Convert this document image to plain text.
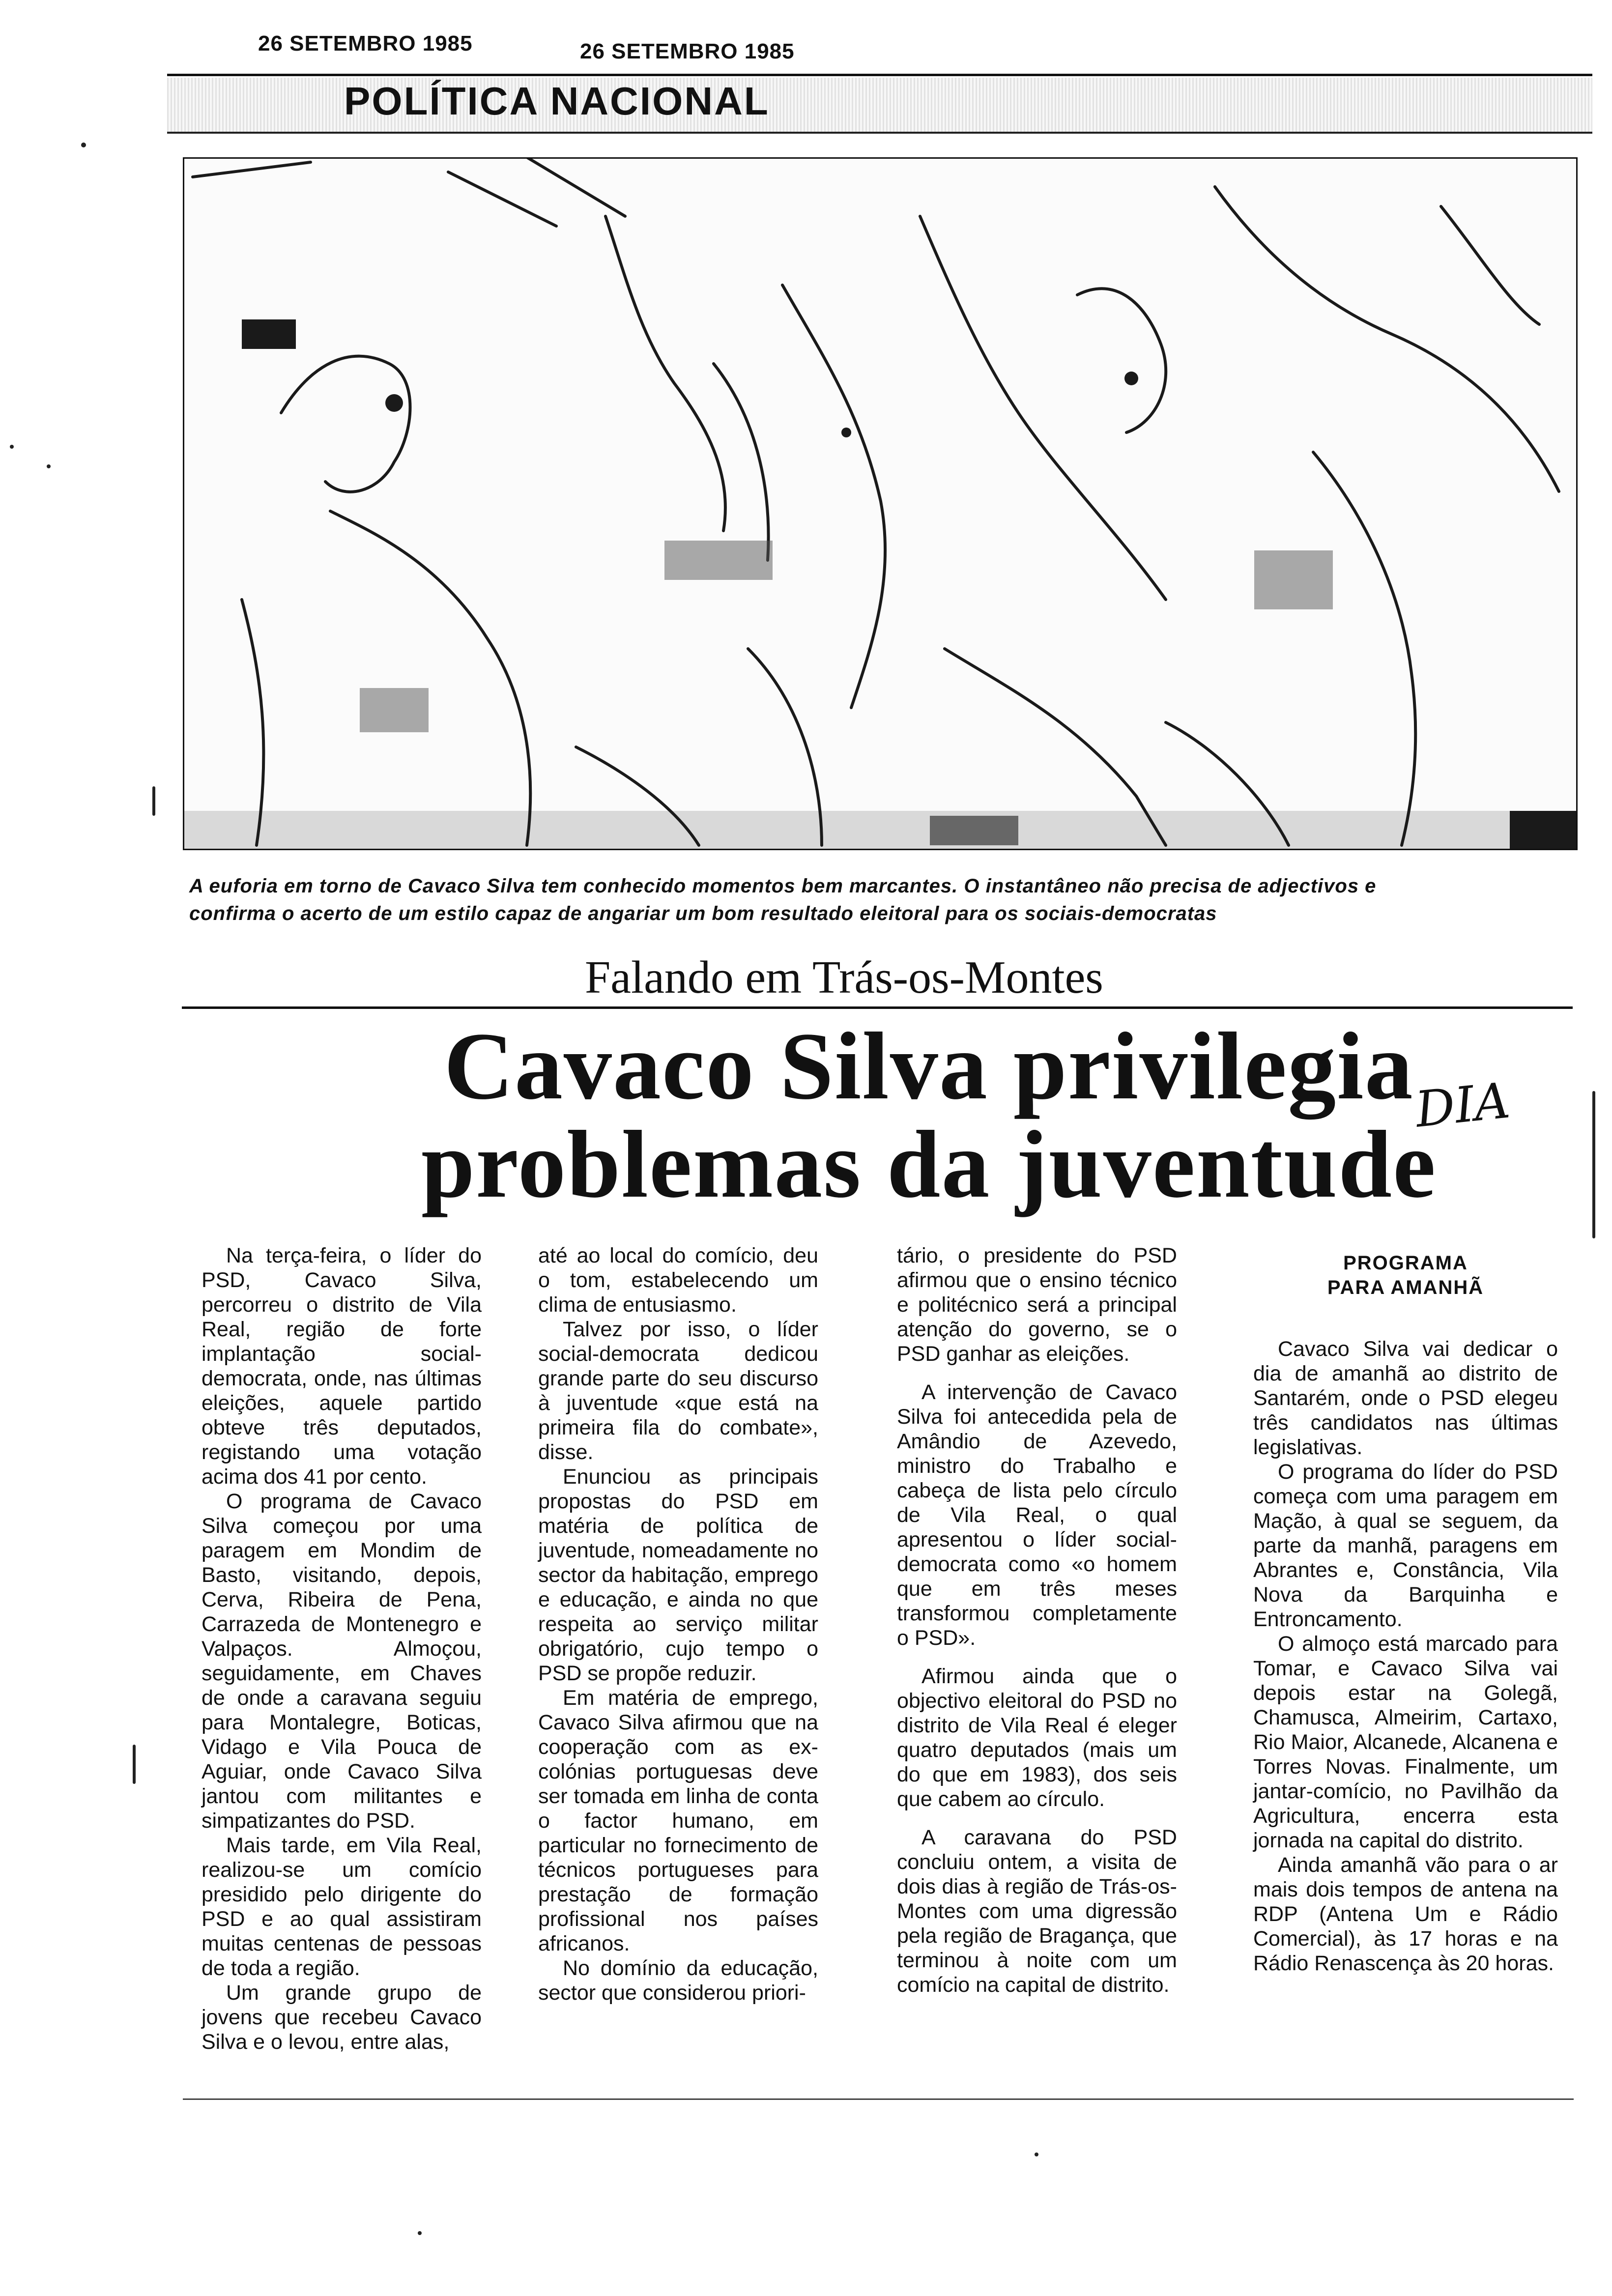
26 SETEMBRO 1985	26 SETEMBRO 1985
POLÍTICA NACIONAL
A euforia em torno de Cavaco Silva tem conhecido momentos bem marcantes. O instantâneo não precisa de adjectivos e
confirma o acerto de um estilo capaz de angariar um bom resultado eleitoral para os sociais-democratas
Falando em Trás-os-Montes
Cavaco Silva privilegia
problemas da juventude
DIA

Na terça-feira, o líder do PSD, Cavaco Silva, percorreu o distrito de Vila Real, região de forte implantação social-democrata, onde, nas últimas eleições, aquele partido obteve três deputados, registando uma votação acima dos 41 por cento.

O programa de Cavaco Silva começou por uma paragem em Mondim de Basto, visitando, depois, Cerva, Ribeira de Pena, Carrazeda de Montenegro e Valpaços. Almoçou, seguidamente, em Chaves de onde a caravana seguiu para Montalegre, Boticas, Vidago e Vila Pouca de Aguiar, onde Cavaco Silva jantou com militantes e simpatizantes do PSD.

Mais tarde, em Vila Real, realizou-se um comício presidido pelo dirigente do PSD e ao qual assistiram muitas centenas de pessoas de toda a região.

Um grande grupo de jovens que recebeu Cavaco Silva e o levou, entre alas,

até ao local do comício, deu o tom, estabelecendo um clima de entusiasmo.

Talvez por isso, o líder social-democrata dedicou grande parte do seu discurso à juventude «que está na primeira fila do combate», disse.

Enunciou as principais propostas do PSD em matéria de política de juventude, nomeadamente no sector da habitação, emprego e educação, e ainda no que respeita ao serviço militar obrigatório, cujo tempo o PSD se propõe reduzir.

Em matéria de emprego, Cavaco Silva afirmou que na cooperação com as ex-colónias portuguesas deve ser tomada em linha de conta o factor humano, em particular no fornecimento de técnicos portugueses para prestação de formação profissional nos países africanos.

No domínio da educação, sector que considerou priori-

tário, o presidente do PSD afirmou que o ensino técnico e politécnico será a principal atenção do governo, se o PSD ganhar as eleições.

A intervenção de Cavaco Silva foi antecedida pela de Amândio de Azevedo, ministro do Trabalho e cabeça de lista pelo círculo de Vila Real, o qual apresentou o líder social-democrata como «o homem que em três meses transformou completamente o PSD».

Afirmou ainda que o objectivo eleitoral do PSD no distrito de Vila Real é eleger quatro deputados (mais um do que em 1983), dos seis que cabem ao círculo.

A caravana do PSD concluiu ontem, a visita de dois dias à região de Trás-os-Montes com uma digressão pela região de Bragança, que terminou à noite com um comício na capital de distrito.

PROGRAMA
PARA AMANHÃ

Cavaco Silva vai dedicar o dia de amanhã ao distrito de Santarém, onde o PSD elegeu três candidatos nas últimas legislativas.

O programa do líder do PSD começa com uma paragem em Mação, à qual se seguem, da parte da manhã, paragens em Abrantes e, Constância, Vila Nova da Barquinha e Entroncamento.

O almoço está marcado para Tomar, e Cavaco Silva vai depois estar na Golegã, Chamusca, Almeirim, Cartaxo, Rio Maior, Alcanede, Alcanena e Torres Novas. Finalmente, um jantar-comício, no Pavilhão da Agricultura, encerra esta jornada na capital do distrito.

Ainda amanhã vão para o ar mais dois tempos de antena na RDP (Antena Um e Rádio Comercial), às 17 horas e na Rádio Renascença às 20 horas.
